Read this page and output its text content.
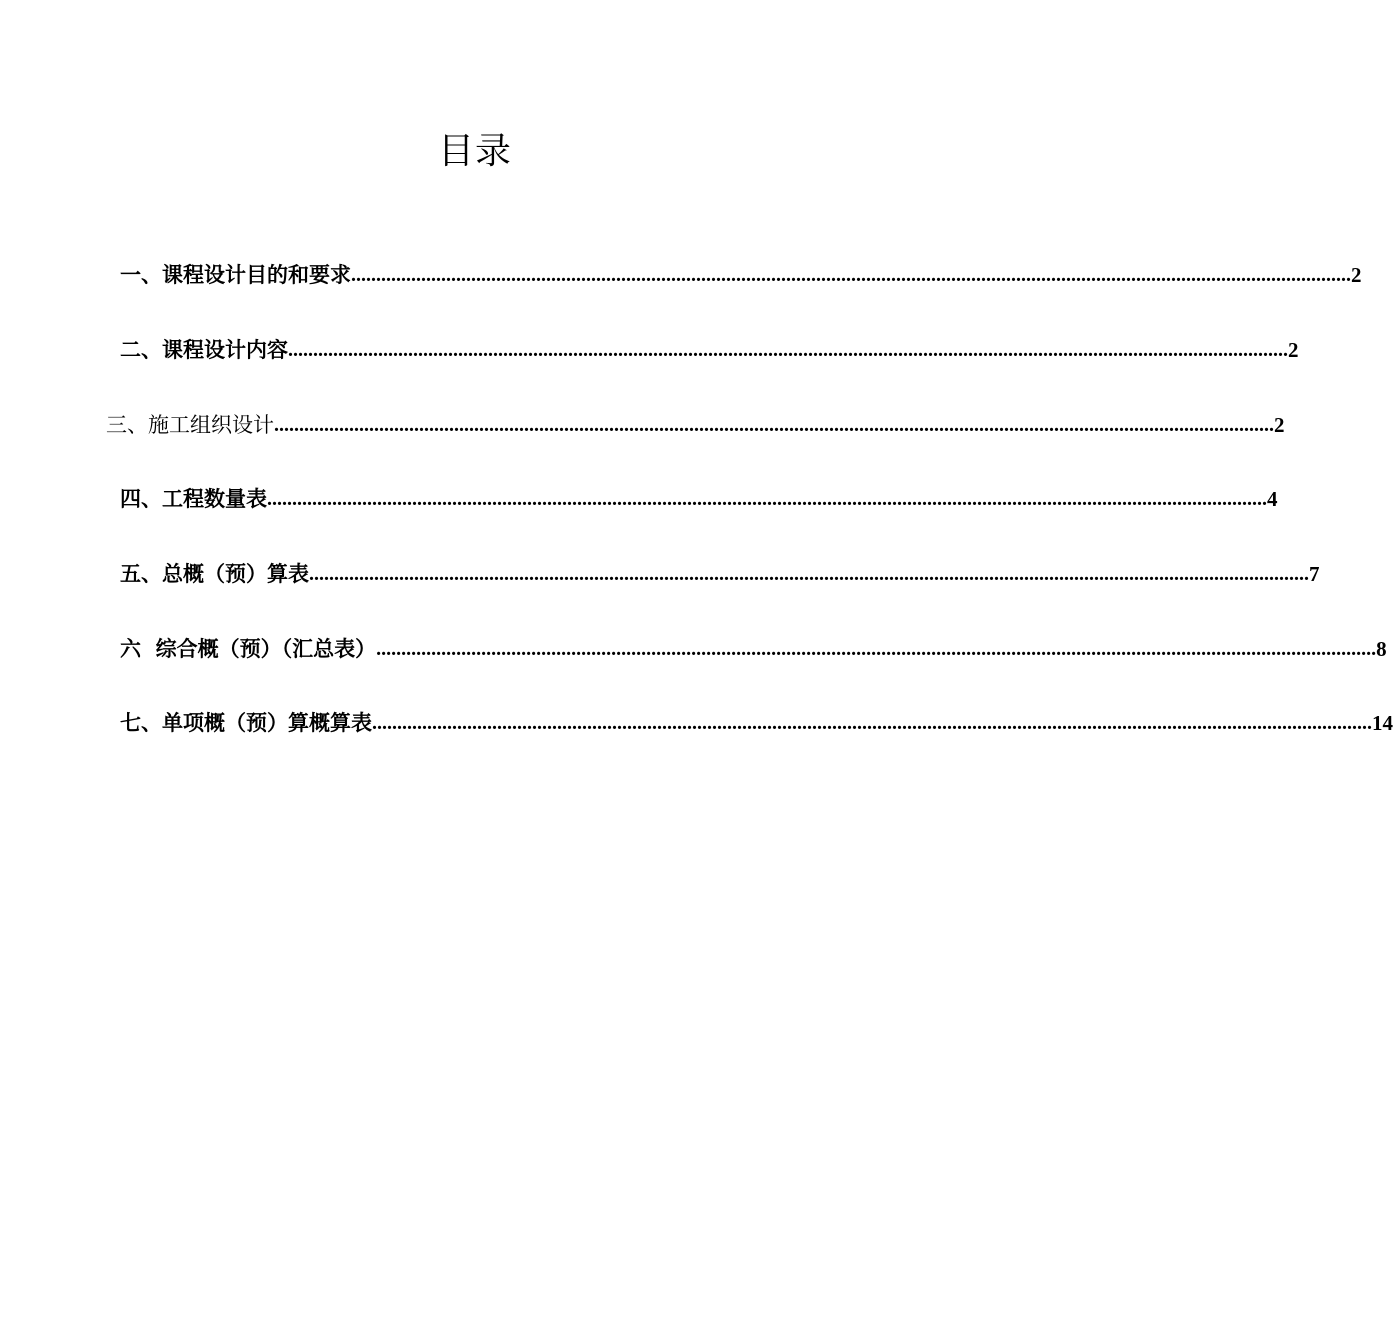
目录
一、课程设计目的和要求 ........................................................................................................................................................................................................ 2
二、课程设计内容 ........................................................................................................................................................................................................ 2
三、施工组织设计 ........................................................................................................................................................................................................ 2
四、工程数量表 ........................................................................................................................................................................................................ 4
五、总概（预）算表 ........................................................................................................................................................................................................ 7
六  综合概（预）（汇总表） ........................................................................................................................................................................................................ 8
七、单项概（预）算概算表 ........................................................................................................................................................................................................ 14
